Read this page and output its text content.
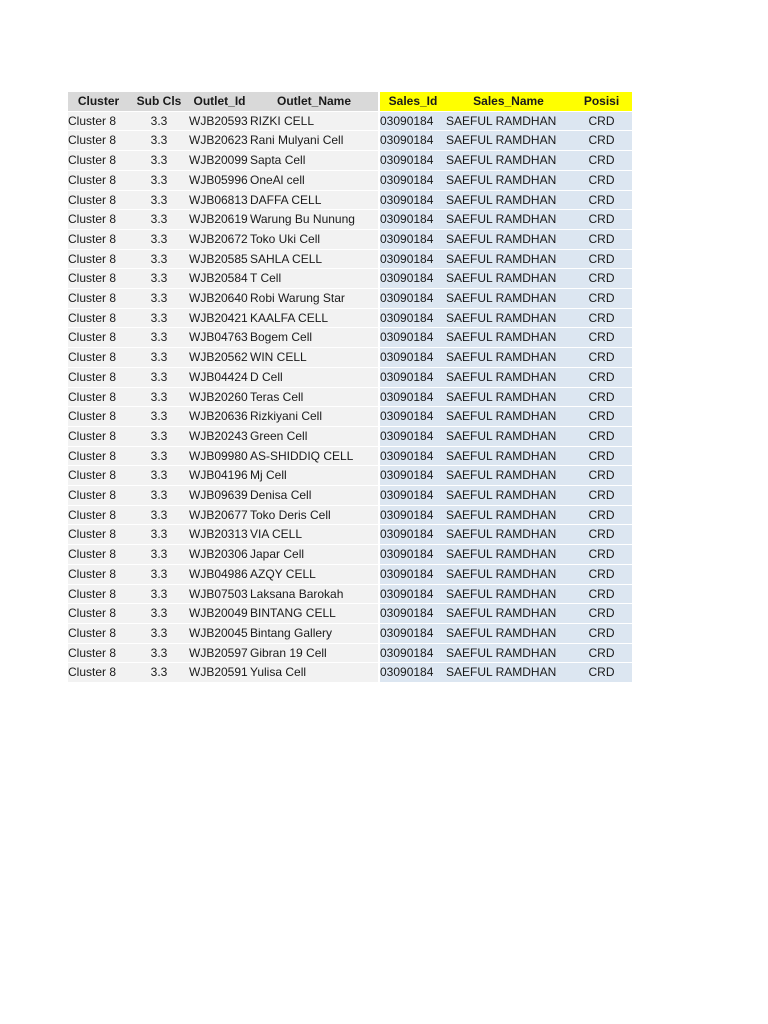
Cluster	Sub Cls	Outlet_Id	Outlet_Name	Sales_Id	Sales_Name	Posisi
Cluster 8	3.3	WJB20593	RIZKI CELL	03090184	SAEFUL RAMDHAN	CRD
Cluster 8	3.3	WJB20623	Rani Mulyani Cell	03090184	SAEFUL RAMDHAN	CRD
Cluster 8	3.3	WJB20099	Sapta Cell	03090184	SAEFUL RAMDHAN	CRD
Cluster 8	3.3	WJB05996	OneAl cell	03090184	SAEFUL RAMDHAN	CRD
Cluster 8	3.3	WJB06813	DAFFA CELL	03090184	SAEFUL RAMDHAN	CRD
Cluster 8	3.3	WJB20619	Warung Bu Nunung	03090184	SAEFUL RAMDHAN	CRD
Cluster 8	3.3	WJB20672	Toko Uki Cell	03090184	SAEFUL RAMDHAN	CRD
Cluster 8	3.3	WJB20585	SAHLA CELL	03090184	SAEFUL RAMDHAN	CRD
Cluster 8	3.3	WJB20584	T Cell	03090184	SAEFUL RAMDHAN	CRD
Cluster 8	3.3	WJB20640	Robi Warung Star	03090184	SAEFUL RAMDHAN	CRD
Cluster 8	3.3	WJB20421	KAALFA CELL	03090184	SAEFUL RAMDHAN	CRD
Cluster 8	3.3	WJB04763	Bogem Cell	03090184	SAEFUL RAMDHAN	CRD
Cluster 8	3.3	WJB20562	WIN CELL	03090184	SAEFUL RAMDHAN	CRD
Cluster 8	3.3	WJB04424	D Cell	03090184	SAEFUL RAMDHAN	CRD
Cluster 8	3.3	WJB20260	Teras Cell	03090184	SAEFUL RAMDHAN	CRD
Cluster 8	3.3	WJB20636	Rizkiyani Cell	03090184	SAEFUL RAMDHAN	CRD
Cluster 8	3.3	WJB20243	Green Cell	03090184	SAEFUL RAMDHAN	CRD
Cluster 8	3.3	WJB09980	AS-SHIDDIQ CELL	03090184	SAEFUL RAMDHAN	CRD
Cluster 8	3.3	WJB04196	Mj Cell	03090184	SAEFUL RAMDHAN	CRD
Cluster 8	3.3	WJB09639	Denisa Cell	03090184	SAEFUL RAMDHAN	CRD
Cluster 8	3.3	WJB20677	Toko Deris Cell	03090184	SAEFUL RAMDHAN	CRD
Cluster 8	3.3	WJB20313	VIA CELL	03090184	SAEFUL RAMDHAN	CRD
Cluster 8	3.3	WJB20306	Japar Cell	03090184	SAEFUL RAMDHAN	CRD
Cluster 8	3.3	WJB04986	AZQY CELL	03090184	SAEFUL RAMDHAN	CRD
Cluster 8	3.3	WJB07503	Laksana Barokah	03090184	SAEFUL RAMDHAN	CRD
Cluster 8	3.3	WJB20049	BINTANG CELL	03090184	SAEFUL RAMDHAN	CRD
Cluster 8	3.3	WJB20045	Bintang Gallery	03090184	SAEFUL RAMDHAN	CRD
Cluster 8	3.3	WJB20597	Gibran 19 Cell	03090184	SAEFUL RAMDHAN	CRD
Cluster 8	3.3	WJB20591	Yulisa Cell	03090184	SAEFUL RAMDHAN	CRD
